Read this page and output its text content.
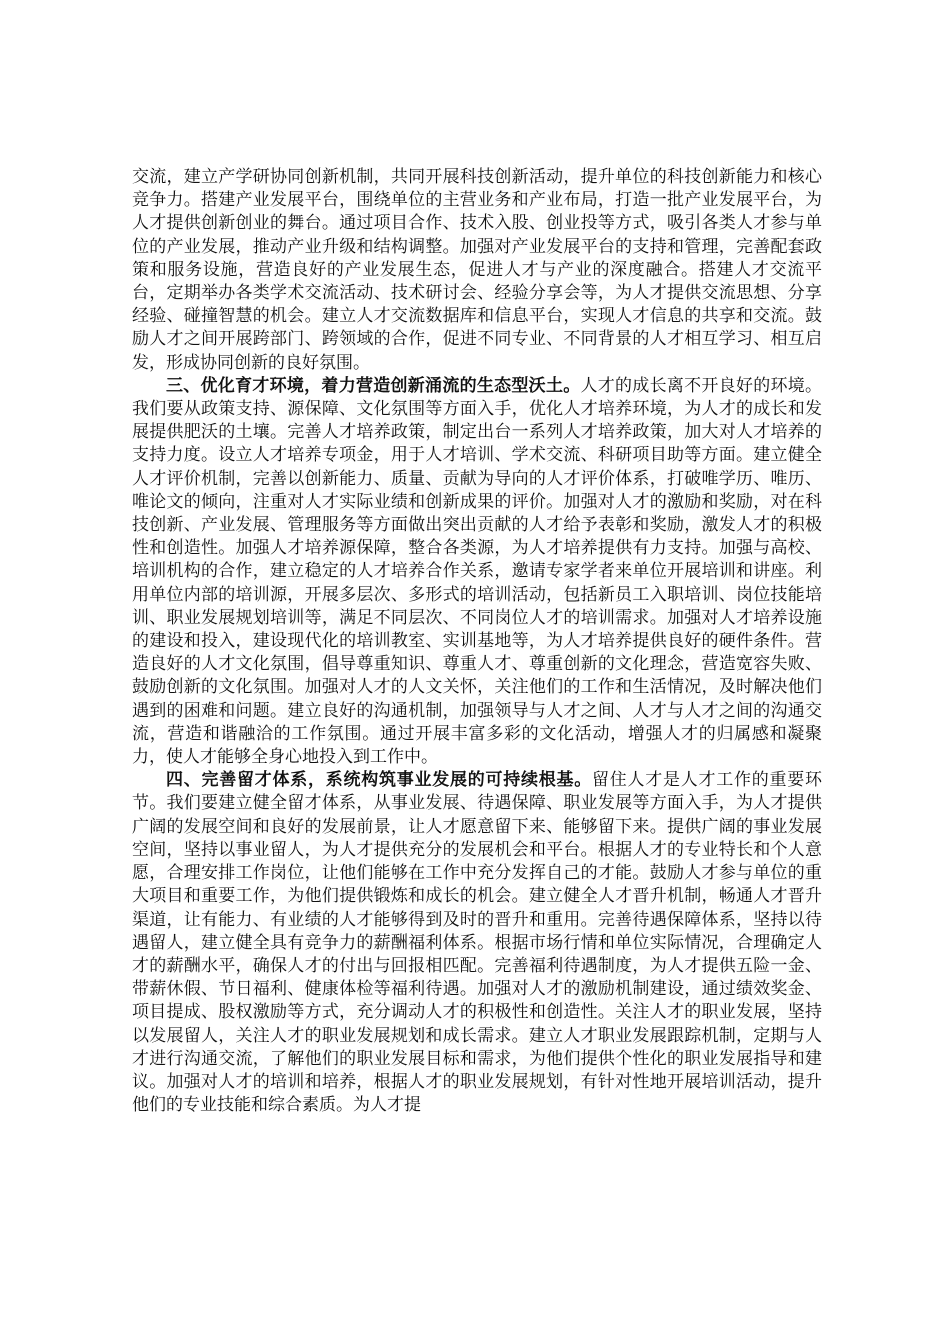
交流，建立产学研协同创新机制，共同开展科技创新活动，提升单位的科技创新能力和核心竞争力。搭建产业发展平台，围绕单位的主营业务和产业布局，打造一批产业发展平台，为人才提供创新创业的舞台。通过项目合作、技术入股、创业投等方式，吸引各类人才参与单位的产业发展，推动产业升级和结构调整。加强对产业发展平台的支持和管理，完善配套政策和服务设施，营造良好的产业发展生态，促进人才与产业的深度融合。搭建人才交流平台，定期举办各类学术交流活动、技术研讨会、经验分享会等，为人才提供交流思想、分享经验、碰撞智慧的机会。建立人才交流数据库和信息平台，实现人才信息的共享和交流。鼓励人才之间开展跨部门、跨领域的合作，促进不同专业、不同背景的人才相互学习、相互启发，形成协同创新的良好氛围。

三、优化育才环境，着力营造创新涌流的生态型沃土。人才的成长离不开良好的环境。我们要从政策支持、源保障、文化氛围等方面入手，优化人才培养环境，为人才的成长和发展提供肥沃的土壤。完善人才培养政策，制定出台一系列人才培养政策，加大对人才培养的支持力度。设立人才培养专项金，用于人才培训、学术交流、科研项目助等方面。建立健全人才评价机制，完善以创新能力、质量、贡献为导向的人才评价体系，打破唯学历、唯历、唯论文的倾向，注重对人才实际业绩和创新成果的评价。加强对人才的激励和奖励，对在科技创新、产业发展、管理服务等方面做出突出贡献的人才给予表彰和奖励，激发人才的积极性和创造性。加强人才培养源保障，整合各类源，为人才培养提供有力支持。加强与高校、培训机构的合作，建立稳定的人才培养合作关系，邀请专家学者来单位开展培训和讲座。利用单位内部的培训源，开展多层次、多形式的培训活动，包括新员工入职培训、岗位技能培训、职业发展规划培训等，满足不同层次、不同岗位人才的培训需求。加强对人才培养设施的建设和投入，建设现代化的培训教室、实训基地等，为人才培养提供良好的硬件条件。营造良好的人才文化氛围，倡导尊重知识、尊重人才、尊重创新的文化理念，营造宽容失败、鼓励创新的文化氛围。加强对人才的人文关怀，关注他们的工作和生活情况，及时解决他们遇到的困难和问题。建立良好的沟通机制，加强领导与人才之间、人才与人才之间的沟通交流，营造和谐融洽的工作氛围。通过开展丰富多彩的文化活动，增强人才的归属感和凝聚力，使人才能够全身心地投入到工作中。

四、完善留才体系，系统构筑事业发展的可持续根基。留住人才是人才工作的重要环节。我们要建立健全留才体系，从事业发展、待遇保障、职业发展等方面入手，为人才提供广阔的发展空间和良好的发展前景，让人才愿意留下来、能够留下来。提供广阔的事业发展空间，坚持以事业留人，为人才提供充分的发展机会和平台。根据人才的专业特长和个人意愿，合理安排工作岗位，让他们能够在工作中充分发挥自己的才能。鼓励人才参与单位的重大项目和重要工作，为他们提供锻炼和成长的机会。建立健全人才晋升机制，畅通人才晋升渠道，让有能力、有业绩的人才能够得到及时的晋升和重用。完善待遇保障体系，坚持以待遇留人，建立健全具有竞争力的薪酬福利体系。根据市场行情和单位实际情况，合理确定人才的薪酬水平，确保人才的付出与回报相匹配。完善福利待遇制度，为人才提供五险一金、带薪休假、节日福利、健康体检等福利待遇。加强对人才的激励机制建设，通过绩效奖金、项目提成、股权激励等方式，充分调动人才的积极性和创造性。关注人才的职业发展，坚持以发展留人，关注人才的职业发展规划和成长需求。建立人才职业发展跟踪机制，定期与人才进行沟通交流，了解他们的职业发展目标和需求，为他们提供个性化的职业发展指导和建议。加强对人才的培训和培养，根据人才的职业发展规划，有针对性地开展培训活动，提升他们的专业技能和综合素质。为人才提
